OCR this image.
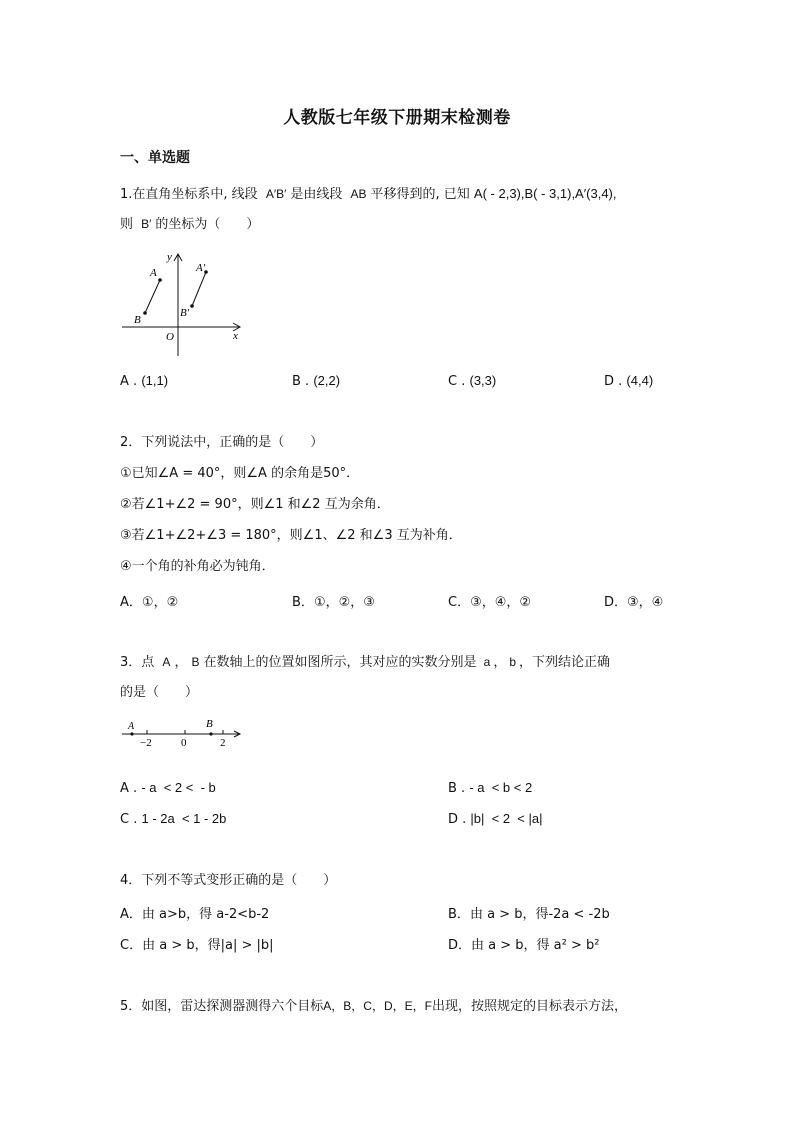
人教版七年级下册期末检测卷
一、单选题
1.在直角坐标系中, 线段 A′B′ 是由线段 AB 平移得到的, 已知 A( - 2,3),B( - 3,1),A′(3,4),
则 B′ 的坐标为（　　）
A
B
A′
B′
O	x
y
A . (1,1)	B . (2,2)	C . (3,3)	D . (4,4)
2．下列说法中，正确的是（　　）
①已知∠A = 40°，则∠A 的余角是50°．
②若∠1+∠2 = 90°，则∠1 和∠2 互为余角．
③若∠1+∠2+∠3 = 180°，则∠1、∠2 和∠3 互为补角．
④一个角的补角必为钝角．
A．①，②	B．①，②，③	C．③，④，②	D．③，④
3．点 A ， B 在数轴上的位置如图所示，其对应的实数分别是 a ， b ，下列结论正确
的是（　　）
A	B
−2	0	2
A . - a  < 2 <  - b	B . - a  < b < 2
C . 1 - 2a  < 1 - 2b	D . |b|  < 2  < |a|
4．下列不等式变形正确的是（　　）
A．由 a>b，得 a-2<b-2	B．由 a > b，得-2a < -2b
C．由 a > b，得|a| > |b|	D．由 a > b，得 a² > b²
5．如图，雷达探测器测得六个目标A，B，C，D，E，F出现，按照规定的目标表示方法，
